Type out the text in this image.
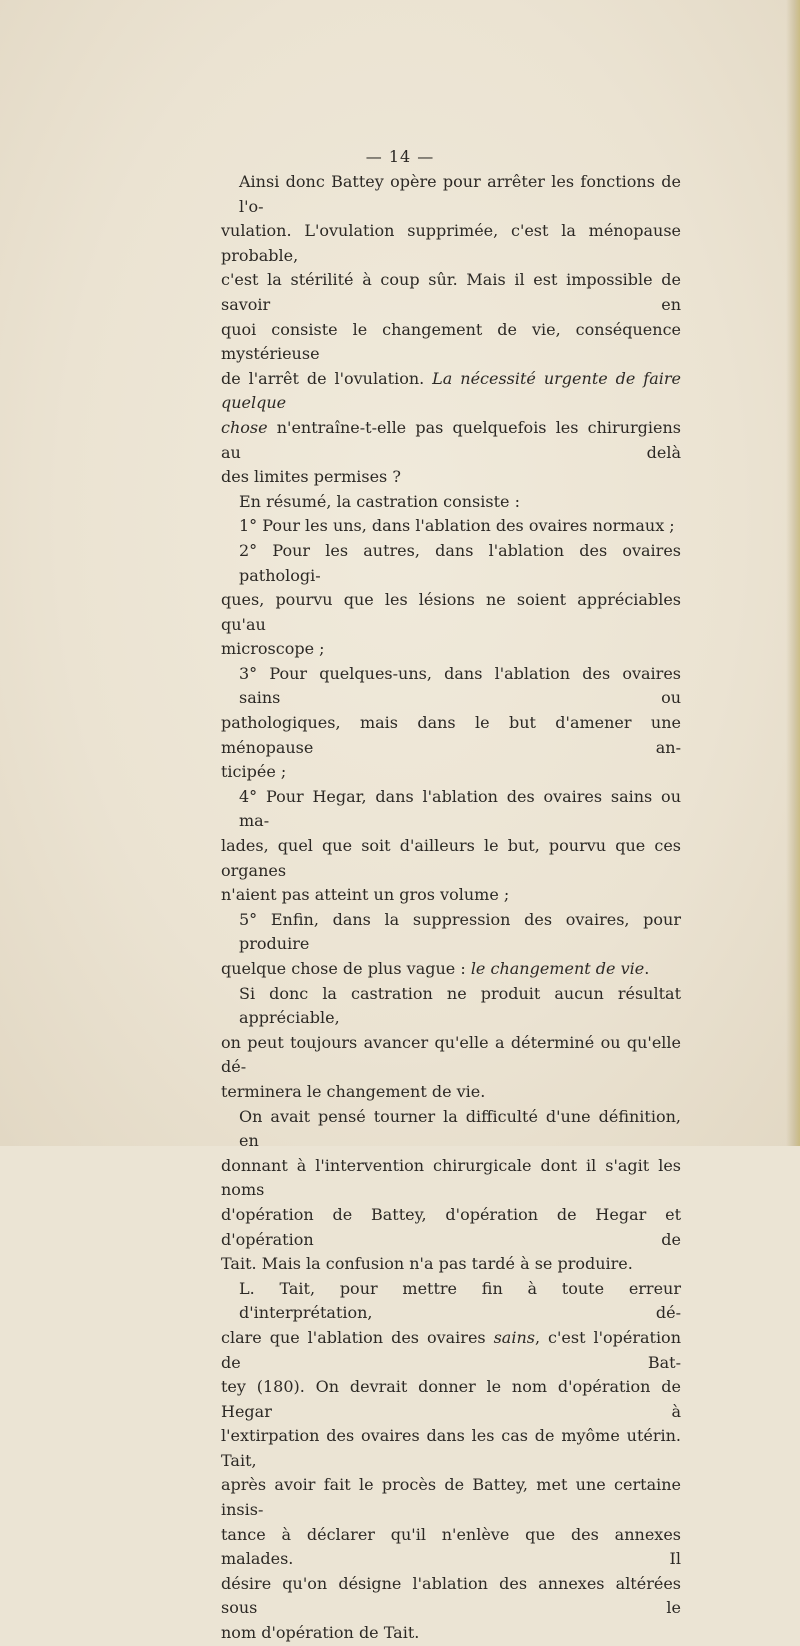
— 14 —

Ainsi donc Battey opère pour arrêter les fonctions de l'o-

vulation. L'ovulation supprimée, c'est la ménopause probable,

c'est la stérilité à coup sûr. Mais il est impossible de savoir en

quoi consiste le changement de vie, conséquence mystérieuse

de l'arrêt de l'ovulation. La nécessité urgente de faire quelque

chose n'entraîne-t-elle pas quelquefois les chirurgiens au delà

des limites permises ?

En résumé, la castration consiste :

1° Pour les uns, dans l'ablation des ovaires normaux ;

2° Pour les autres, dans l'ablation des ovaires pathologi-

ques, pourvu que les lésions ne soient appréciables qu'au

microscope ;

3° Pour quelques-uns, dans l'ablation des ovaires sains ou

pathologiques, mais dans le but d'amener une ménopause an-

ticipée ;

4° Pour Hegar, dans l'ablation des ovaires sains ou ma-

lades, quel que soit d'ailleurs le but, pourvu que ces organes

n'aient pas atteint un gros volume ;

5° Enfin, dans la suppression des ovaires, pour produire

quelque chose de plus vague : le changement de vie.

Si donc la castration ne produit aucun résultat appréciable,

on peut toujours avancer qu'elle a déterminé ou qu'elle dé-

terminera le changement de vie.

On avait pensé tourner la difficulté d'une définition, en

donnant à l'intervention chirurgicale dont il s'agit les noms

d'opération de Battey, d'opération de Hegar et d'opération de

Tait. Mais la confusion n'a pas tardé à se produire.

L. Tait, pour mettre fin à toute erreur d'interprétation, dé-

clare que l'ablation des ovaires sains, c'est l'opération de Bat-

tey (180). On devrait donner le nom d'opération de Hegar à

l'extirpation des ovaires dans les cas de myôme utérin. Tait,

après avoir fait le procès de Battey, met une certaine insis-

tance à déclarer qu'il n'enlève que des annexes malades. Il

désire qu'on désigne l'ablation des annexes altérées sous le

nom d'opération de Tait.
